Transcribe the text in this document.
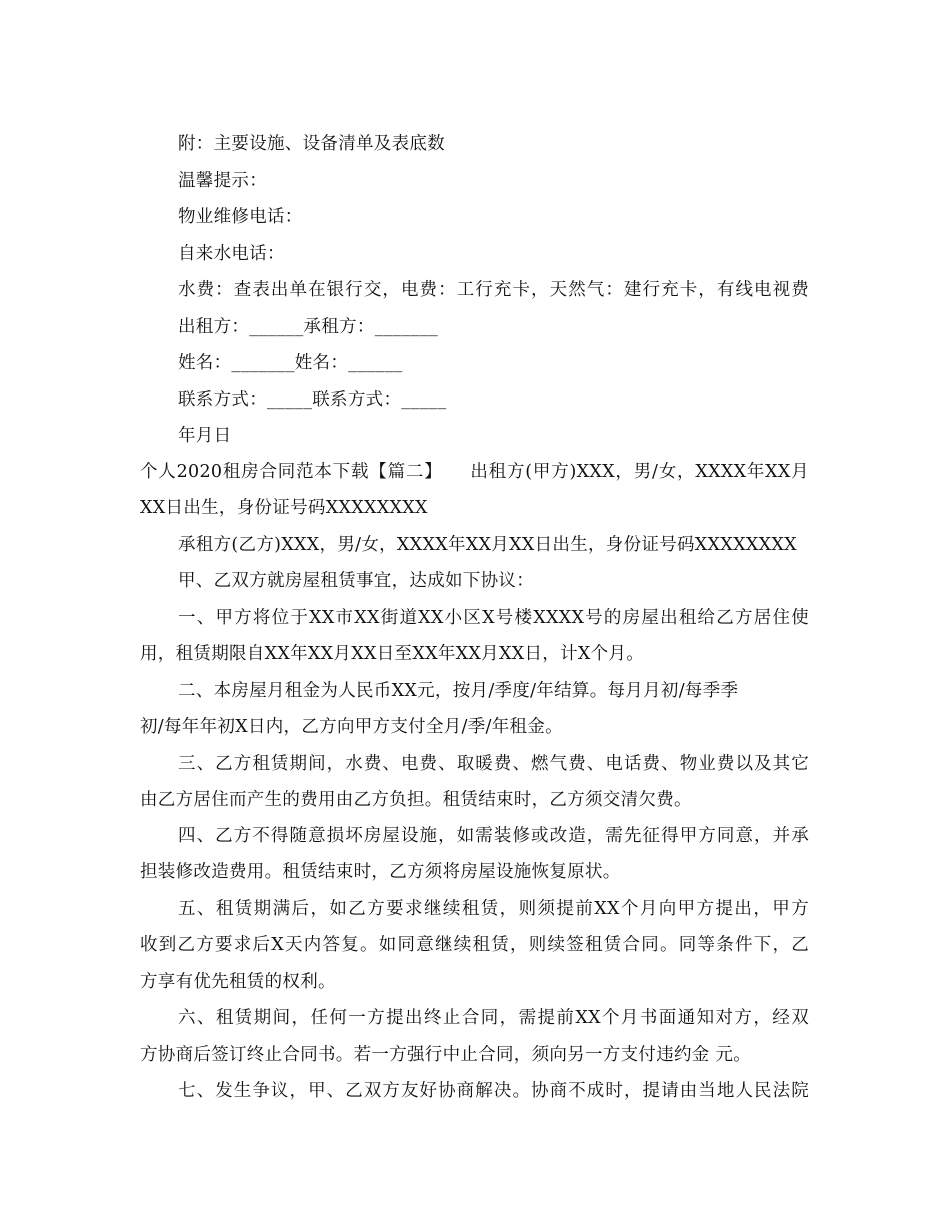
附：主要设施、设备清单及表底数
温馨提示：
物业维修电话：
自来水电话：
水费：查表出单在银行交，电费：工行充卡，天然气：建行充卡，有线电视费
出租方：______承租方：_______
姓名：_______姓名：______
联系方式：_____联系方式：_____
年月日
个人2020租房合同范本下载【篇二】　　出租方(甲方)XXX，男/女，XXXX年XX月
XX日出生，身份证号码XXXXXXXX
承租方(乙方)XXX，男/女，XXXX年XX月XX日出生，身份证号码XXXXXXXX
甲、乙双方就房屋租赁事宜，达成如下协议：
一、甲方将位于XX市XX街道XX小区X号楼XXXX号的房屋出租给乙方居住使
用，租赁期限自XX年XX月XX日至XX年XX月XX日，计X个月。
二、本房屋月租金为人民币XX元，按月/季度/年结算。每月月初/每季季
初/每年年初X日内，乙方向甲方支付全月/季/年租金。
三、乙方租赁期间，水费、电费、取暖费、燃气费、电话费、物业费以及其它
由乙方居住而产生的费用由乙方负担。租赁结束时，乙方须交清欠费。
四、乙方不得随意损坏房屋设施，如需装修或改造，需先征得甲方同意，并承
担装修改造费用。租赁结束时，乙方须将房屋设施恢复原状。
五、租赁期满后，如乙方要求继续租赁，则须提前XX个月向甲方提出，甲方
收到乙方要求后X天内答复。如同意继续租赁，则续签租赁合同。同等条件下，乙
方享有优先租赁的权利。
六、租赁期间，任何一方提出终止合同，需提前XX个月书面通知对方，经双
方协商后签订终止合同书。若一方强行中止合同，须向另一方支付违约金 元。
七、发生争议，甲、乙双方友好协商解决。协商不成时，提请由当地人民法院
